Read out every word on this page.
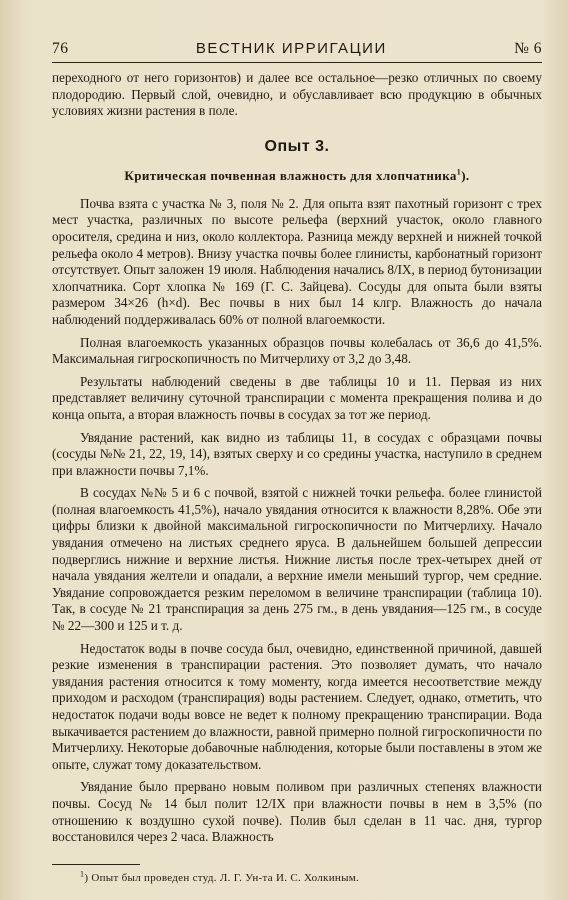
76	ВЕСТНИК ИРРИГАЦИИ	№ 6

переходного от него горизонтов) и далее все остальное—резко отличных по своему плодородию. Первый слой, очевидно, и обуславливает всю продукцию в обычных условиях жизни растения в поле.

Опыт 3.
Критическая почвенная влажность для хлопчатника$^1$).

Почва взята с участка № 3, поля № 2. Для опыта взят пахотный горизонт с трех мест участка, различных по высоте рельефа (верхний участок, около главного оросителя, средина и низ, около коллектора. Разница между верхней и нижней точкой рельефа около 4 метров). Внизу участка почвы более глинисты, карбонатный горизонт отсутствует. Опыт заложен 19 июля. Наблюдения начались 8/IX, в период бутонизации хлопчатника. Сорт хлопка № 169 (Г. С. Зайцева). Сосуды для опыта были взяты размером 34×26 (h×d). Вес почвы в них был 14 клгр. Влажность до начала наблюдений поддерживалась 60% от полной влагоемкости.

Полная влагоемкость указанных образцов почвы колебалась от 36,6 до 41,5%. Максимальная гигроскопичность по Митчерлиху от 3,2 до 3,48.

Результаты наблюдений сведены в две таблицы 10 и 11. Первая из них представляет величину суточной транспирации с момента прекращения полива и до конца опыта, а вторая влажность почвы в сосудах за тот же период.

Увядание растений, как видно из таблицы 11, в сосудах с образцами почвы (сосуды №№ 21, 22, 19, 14), взятых сверху и со средины участка, наступило в среднем при влажности почвы 7,1%.

В сосудах №№ 5 и 6 с почвой, взятой с нижней точки рельефа. более глинистой (полная влагоемкость 41,5%), начало увядания относится к влажности 8,28%. Обе эти цифры близки к двойной максимальной гигроскопичности по Митчерлиху. Начало увядания отмечено на листьях среднего яруса. В дальнейшем большей депрессии подверглись нижние и верхние листья. Нижние листья после трех-четырех дней от начала увядания желтели и опадали, а верхние имели меньший тургор, чем средние. Увядание сопровождается резким переломом в величине транспирации (таблица 10). Так, в сосуде № 21 транспирация за день 275 гм., в день увядания—125 гм., в сосуде № 22—300 и 125 и т. д.

Недостаток воды в почве сосуда был, очевидно, единственной причиной, давшей резкие изменения в транспирации растения. Это позволяет думать, что начало увядания растения относится к тому моменту, когда имеется несоответствие между приходом и расходом (транспирация) воды растением. Следует, однако, отметить, что недостаток подачи воды вовсе не ведет к полному прекращению транспирации. Вода выкачивается растением до влажности, равной примерно полной гигроскопичности по Митчерлиху. Некоторые добавочные наблюдения, которые были поставлены в этом же опыте, служат тому доказательством.

Увядание было прервано новым поливом при различных степенях влажности почвы. Сосуд № 14 был полит 12/IX при влажности почвы в нем в 3,5% (по отношению к воздушно сухой почве). Полив был сделан в 11 час. дня, тургор восстановился через 2 часа. Влажность

$^1$) Опыт был проведен студ. Л. Г. Ун-та И. С. Холкиным.
